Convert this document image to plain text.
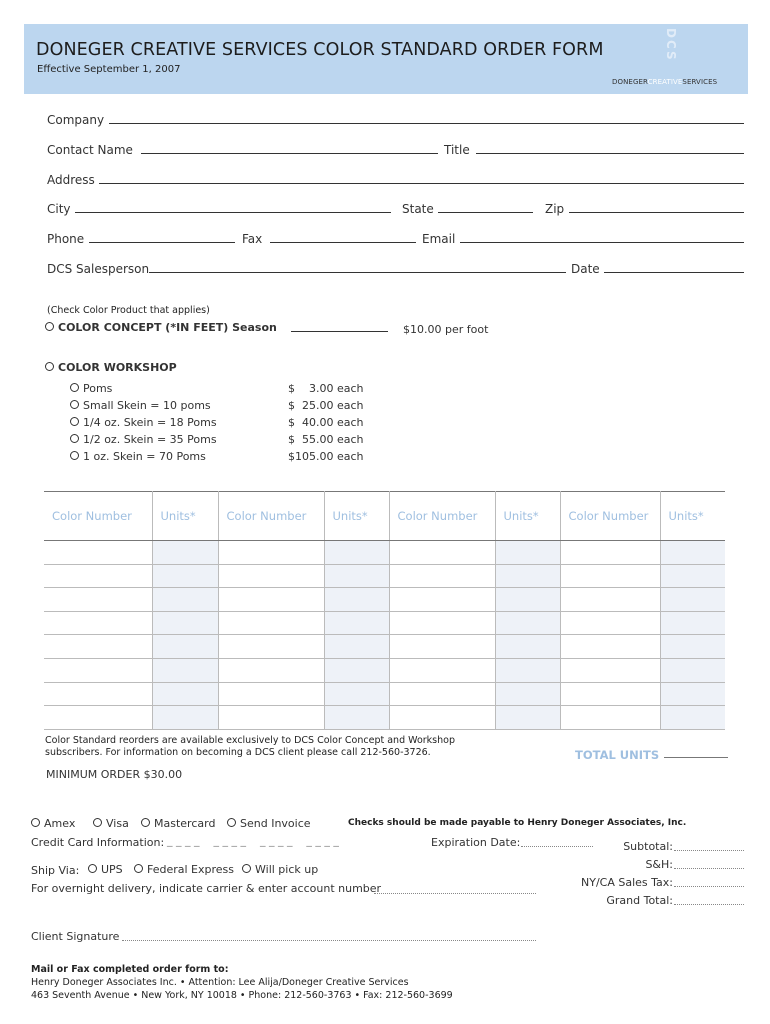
DCS
DONEGER CREATIVE SERVICES COLOR STANDARD ORDER FORM
Effective September 1, 2007
DONEGERCREATIVESERVICES

Company
Contact Name	Title
Address
City	State	Zip
Phone	Fax	Email
DCS Salesperson	Date
(Check Color Product that applies)
COLOR CONCEPT (*IN FEET) Season	$10.00 per foot
COLOR WORKSHOP
Poms	$    3.00 each
Small Skein = 10 poms	$  25.00 each
1/4 oz. Skein = 18 Poms	$  40.00 each
1/2 oz. Skein = 35 Poms	$  55.00 each
1 oz. Skein = 70 Poms	$105.00 each
Color Number	Units*	Color Number	Units*	Color Number	Units*	Color Number	Units*

Color Standard reorders are available exclusively to DCS Color Concept and Workshop
subscribers. For information on becoming a DCS client please call 212-560-3726.	TOTAL UNITS
MINIMUM ORDER $30.00
Amex	Visa	Mastercard	Send Invoice	Checks should be made payable to Henry Doneger Associates, Inc.
Credit Card Information: _ _ _ _    _ _ _ _    _ _ _ _    _ _ _ _	Expiration Date:
Ship Via:	UPS	Federal Express	Will pick up
For overnight delivery, indicate carrier & enter account number
Subtotal:
S&H:
NY/CA Sales Tax:
Grand Total:
Client Signature
Mail or Fax completed order form to:
Henry Doneger Associates Inc. • Attention: Lee Alija/Doneger Creative Services
463 Seventh Avenue • New York, NY 10018 • Phone: 212-560-3763 • Fax: 212-560-3699
